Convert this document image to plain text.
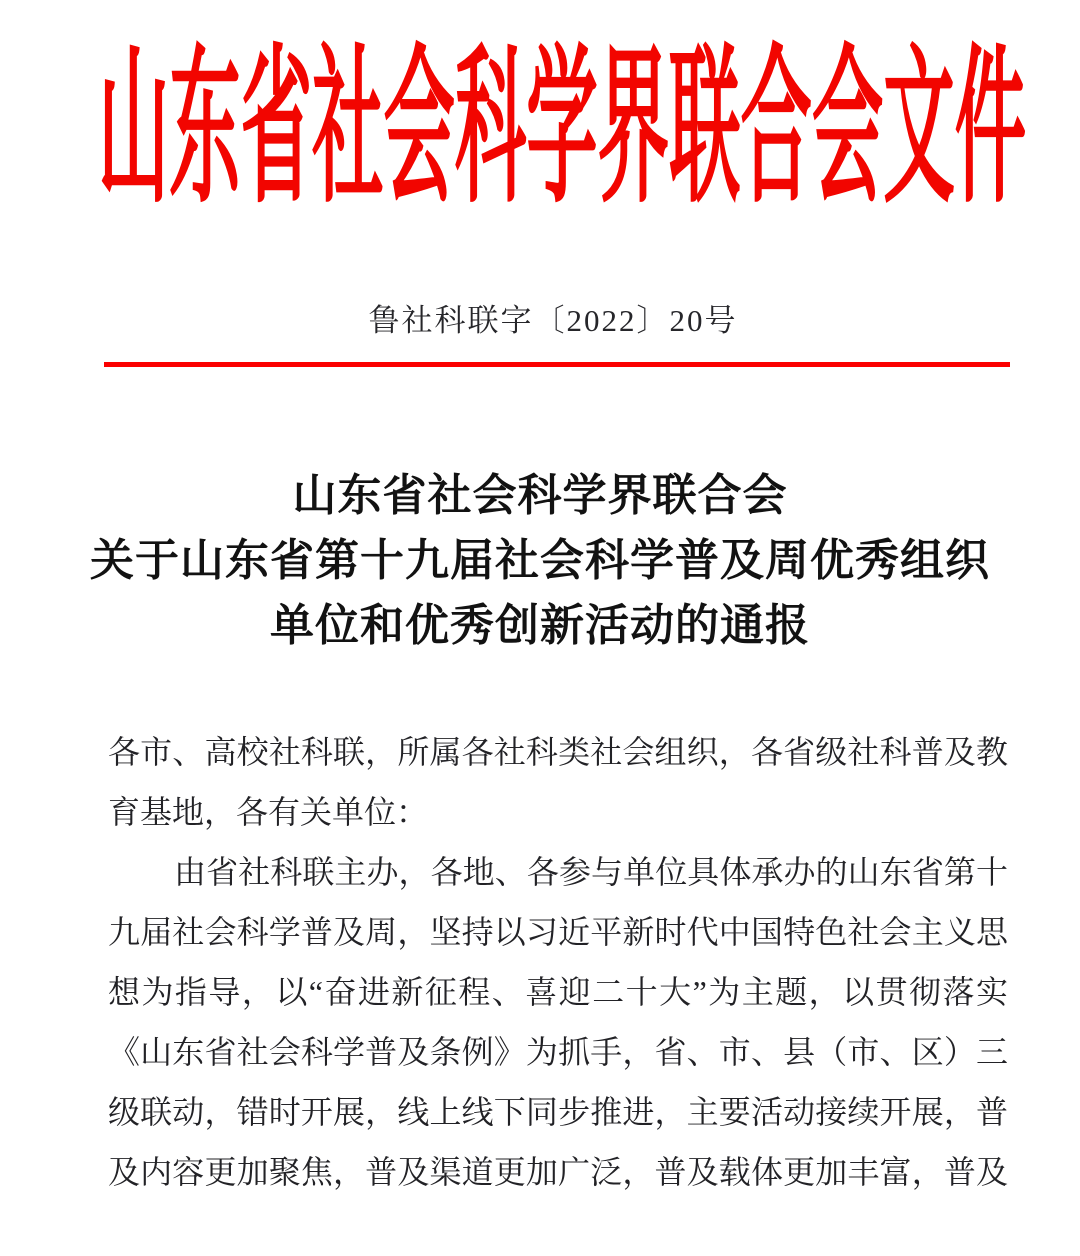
山东省社会科学界联合会文件
鲁社科联字〔2022〕20号
山东省社会科学界联合会
关于山东省第十九届社会科学普及周优秀组织
单位和优秀创新活动的通报
各市、高校社科联，所属各社科类社会组织，各省级社科普及教
育基地，各有关单位：
由省社科联主办，各地、各参与单位具体承办的山东省第十
九届社会科学普及周，坚持以习近平新时代中国特色社会主义思
想为指导，以“奋进新征程、喜迎二十大”为主题，以贯彻落实
《山东省社会科学普及条例》为抓手，省、市、县（市、区）三
级联动，错时开展，线上线下同步推进，主要活动接续开展，普
及内容更加聚焦，普及渠道更加广泛，普及载体更加丰富，普及
